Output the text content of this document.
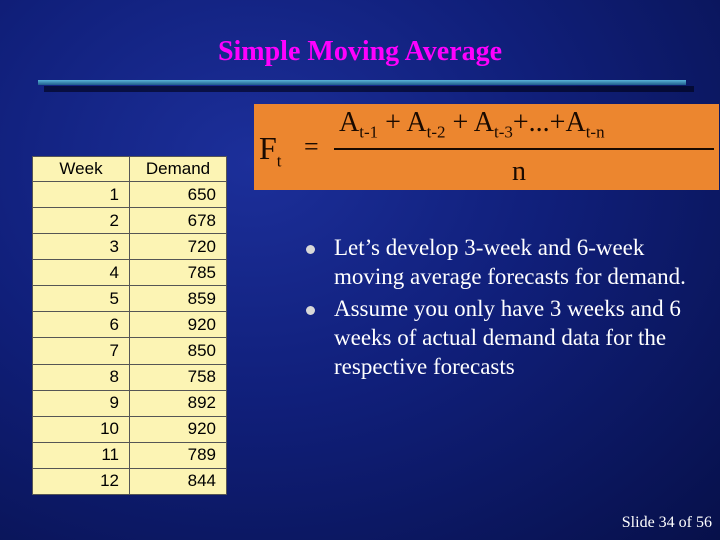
Simple Moving Average
$F_t$ =
$A_{t-1} + A_{t-2} + A_{t-3}+...+A_{t-n}$
n
Week	Demand
1	650
2	678
3	720
4	785
5	859
6	920
7	850
8	758
9	892
10	920
11	789
12	844
Let’s develop 3-week and 6-week moving average forecasts for demand.
Assume you only have 3 weeks and 6 weeks of actual demand data for the respective forecasts
Slide 34 of 56
